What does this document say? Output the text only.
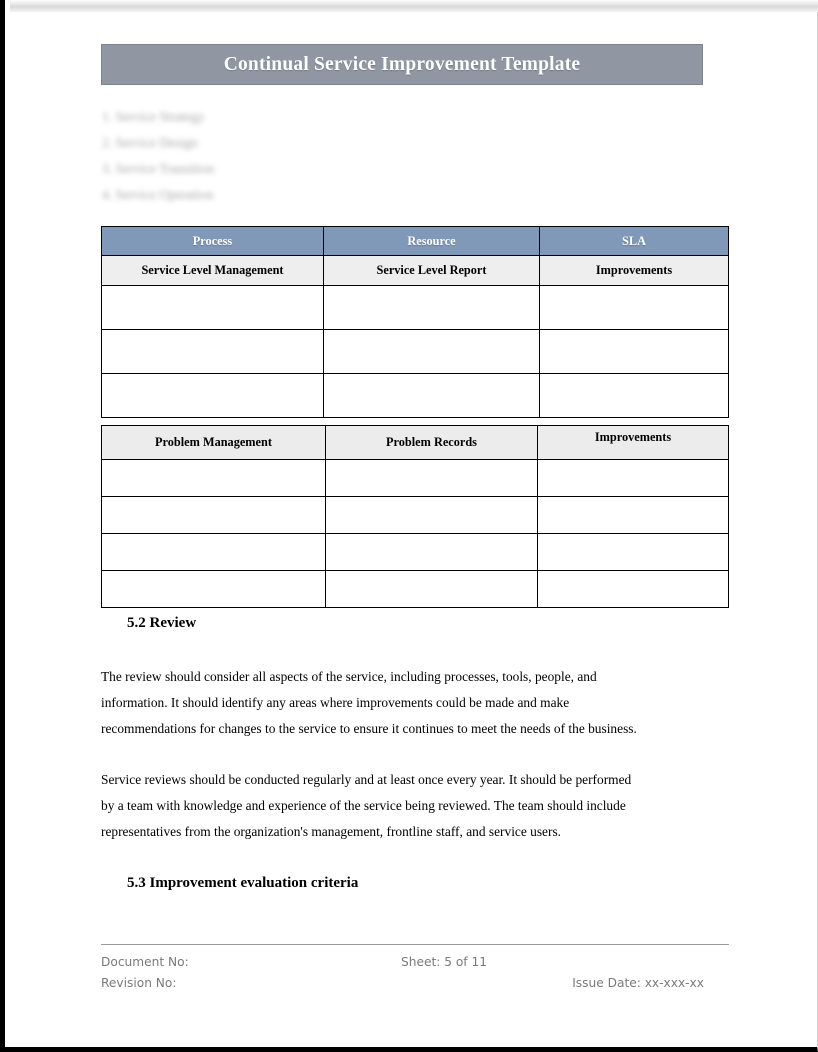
Continual Service Improvement Template
1. Service Strategy
2. Service Design
3. Service Transition
4. Service Operation
Process	Resource	SLA
Service Level Management	Service Level Report	Improvements

Problem Management	Problem Records	Improvements

5.2 Review
The review should consider all aspects of the service, including processes, tools, people, and
information. It should identify any areas where improvements could be made and make
recommendations for changes to the service to ensure it continues to meet the needs of the business.
Service reviews should be conducted regularly and at least once every year. It should be performed
by a team with knowledge and experience of the service being reviewed. The team should include
representatives from the organization's management, frontline staff, and service users.
5.3 Improvement evaluation criteria
Document No:	Sheet: 5 of 11
Revision No:	Issue Date: xx-xxx-xx
